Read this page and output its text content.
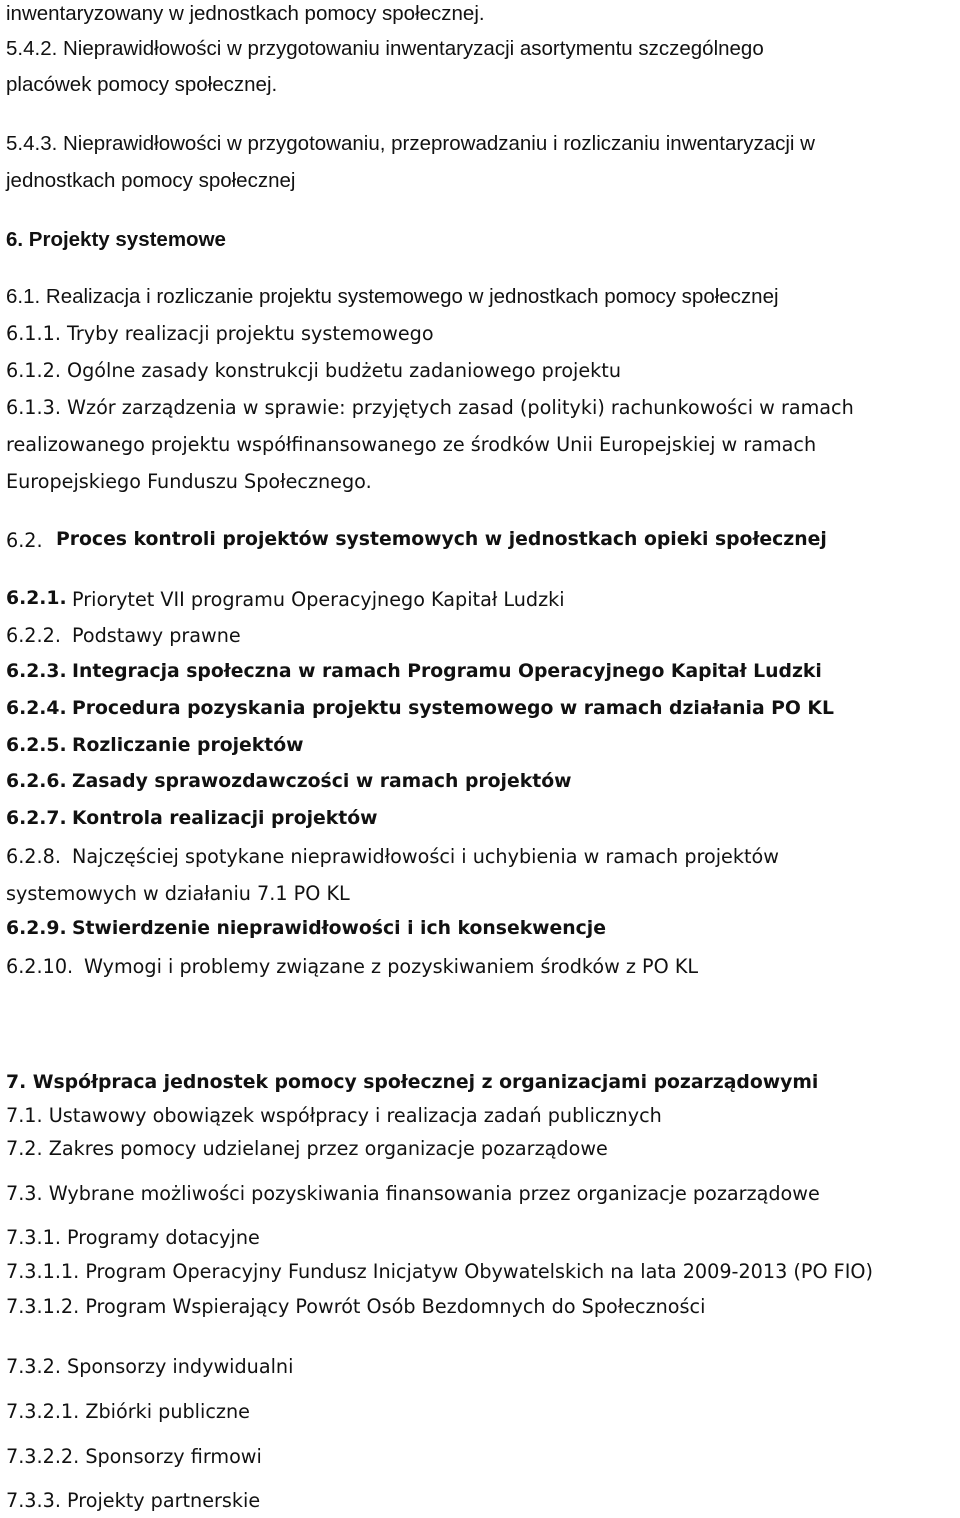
inwentaryzowany w jednostkach pomocy społecznej.
5.4.2. Nieprawidłowości w przygotowaniu inwentaryzacji asortymentu szczególnego
placówek pomocy społecznej.
5.4.3. Nieprawidłowości w przygotowaniu, przeprowadzaniu i rozliczaniu inwentaryzacji w
jednostkach pomocy społecznej
6. Projekty systemowe
6.1. Realizacja i rozliczanie projektu systemowego w jednostkach pomocy społecznej
6.1.1. Tryby realizacji projektu systemowego
6.1.2. Ogólne zasady konstrukcji budżetu zadaniowego projektu
6.1.3. Wzór zarządzenia w sprawie: przyjętych zasad (polityki) rachunkowości w ramach
realizowanego projektu współfinansowanego ze środków Unii Europejskiej w ramach
Europejskiego Funduszu Społecznego.
6.2. Proces kontroli projektów systemowych w jednostkach opieki społecznej
6.2.1. Priorytet VII programu Operacyjnego Kapitał Ludzki
6.2.2. Podstawy prawne
6.2.3. Integracja społeczna w ramach Programu Operacyjnego Kapitał Ludzki
6.2.4. Procedura pozyskania projektu systemowego w ramach działania PO KL
6.2.5. Rozliczanie projektów
6.2.6. Zasady sprawozdawczości w ramach projektów
6.2.7. Kontrola realizacji projektów
6.2.8. Najczęściej spotykane nieprawidłowości i uchybienia w ramach projektów
systemowych w działaniu 7.1 PO KL
6.2.9. Stwierdzenie nieprawidłowości i ich konsekwencje
6.2.10. Wymogi i problemy związane z pozyskiwaniem środków z PO KL
7. Współpraca jednostek pomocy społecznej z organizacjami pozarządowymi
7.1. Ustawowy obowiązek współpracy i realizacja zadań publicznych
7.2. Zakres pomocy udzielanej przez organizacje pozarządowe
7.3. Wybrane możliwości pozyskiwania finansowania przez organizacje pozarządowe
7.3.1. Programy dotacyjne
7.3.1.1. Program Operacyjny Fundusz Inicjatyw Obywatelskich na lata 2009-2013 (PO FIO)
7.3.1.2. Program Wspierający Powrót Osób Bezdomnych do Społeczności
7.3.2. Sponsorzy indywidualni
7.3.2.1. Zbiórki publiczne
7.3.2.2. Sponsorzy firmowi
7.3.3. Projekty partnerskie
